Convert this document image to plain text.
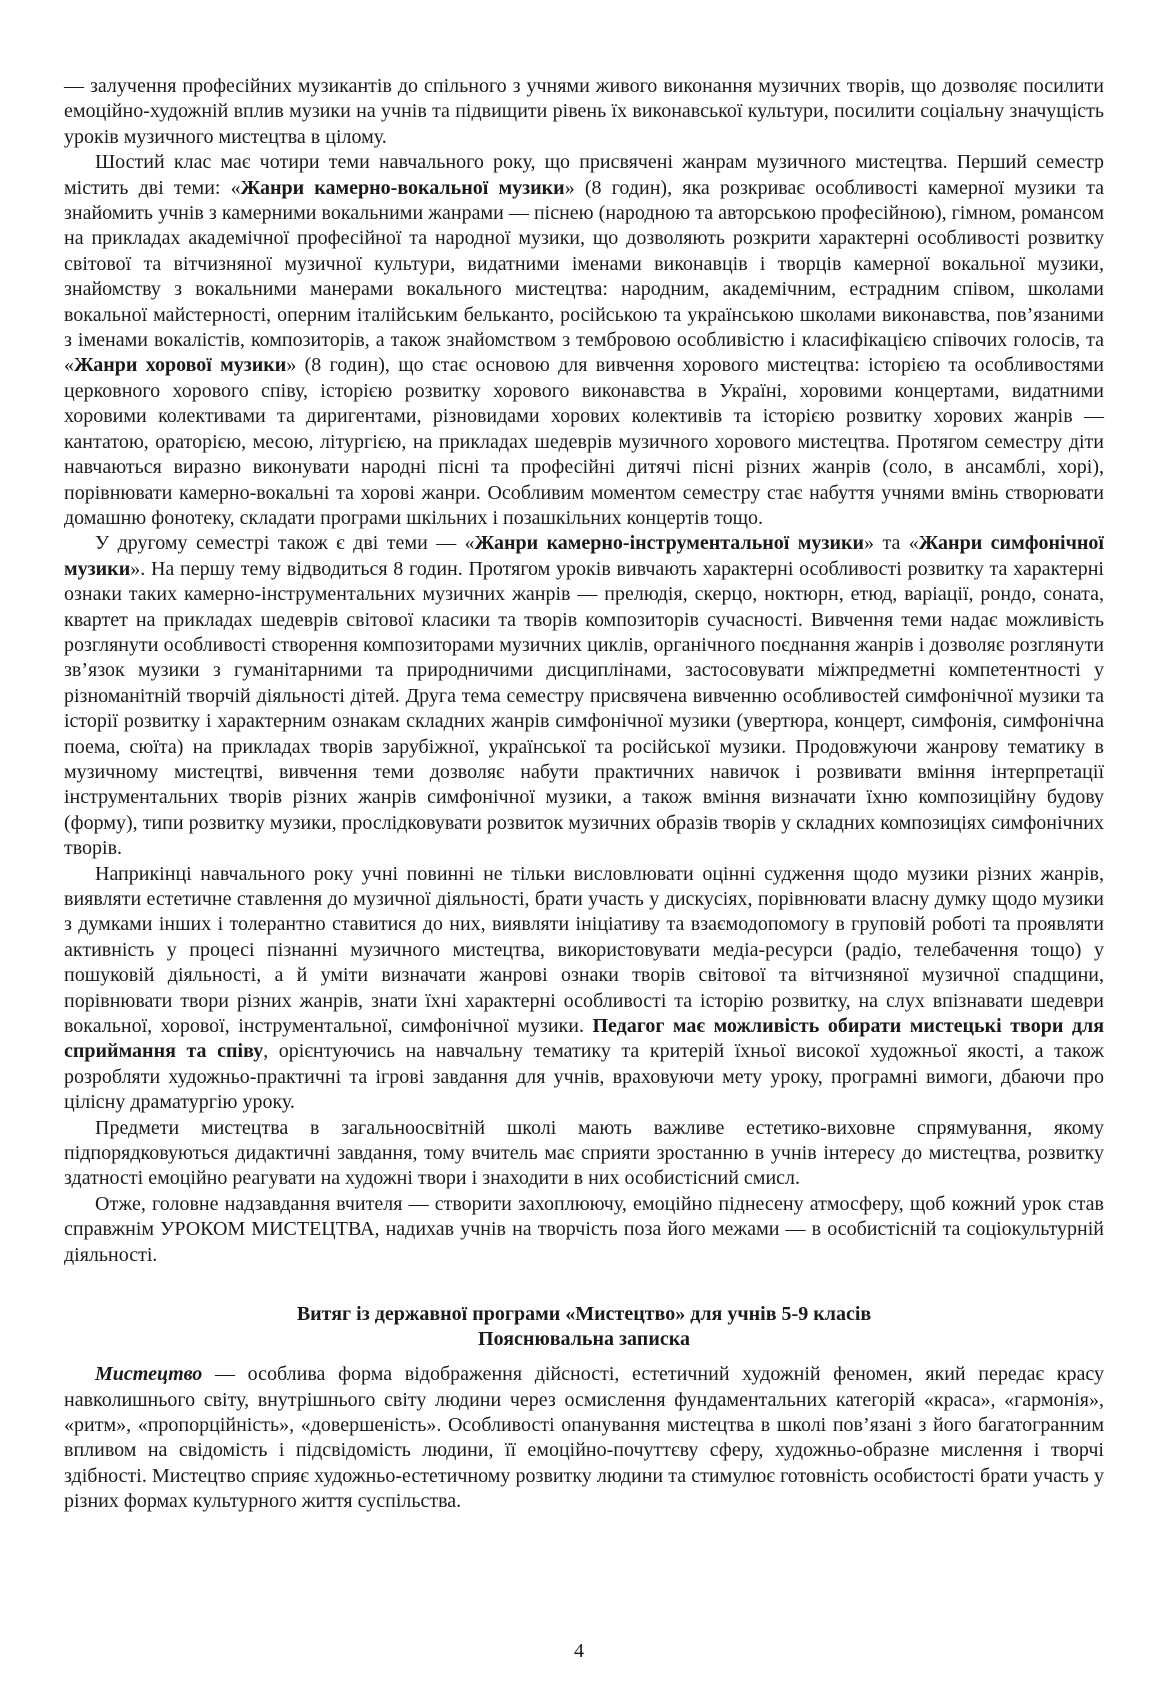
— залучення професійних музикантів до спільного з учнями живого виконання музичних творів, що дозволяє посилити емоційно-художній вплив музики на учнів та підвищити рівень їх виконавської культури, посилити соціальну значущість уроків музичного мистецтва в цілому.

Шостий клас має чотири теми навчального року, що присвячені жанрам музичного мистецтва. Перший семестр містить дві теми: «Жанри камерно-вокальної музики» (8 годин), яка розкриває особливості камерної музики та знайомить учнів з камерними вокальними жанрами — піснею (народною та авторською професійною), гімном, романсом на прикладах академічної професійної та народної музики, що дозволяють розкрити характерні особливості розвитку світової та вітчизняної музичної культури, видатними іменами виконавців і творців камерної вокальної музики, знайомству з вокальними манерами вокального мистецтва: народним, академічним, естрадним співом, школами вокальної майстерності, оперним італійським бельканто, російською та українською школами виконавства, пов’язаними з іменами вокалістів, композиторів, а також знайомством з тембровою особливістю і класифікацією співочих голосів, та «Жанри хорової музики» (8 годин), що стає основою для вивчення хорового мистецтва: історією та особливостями церковного хорового співу, історією розвитку хорового виконавства в Україні, хоровими концертами, видатними хоровими колективами та диригентами, різновидами хорових колективів та історією розвитку хорових жанрів — кантатою, ораторією, месою, літургією, на прикладах шедеврів музичного хорового мистецтва. Протягом семестру діти навчаються виразно виконувати народні пісні та професійні дитячі пісні різних жанрів (соло, в ансамблі, хорі), порівнювати камерно-вокальні та хорові жанри. Особливим моментом семестру стає набуття учнями вмінь створювати домашню фонотеку, складати програми шкільних і позашкільних концертів тощо.

У другому семестрі також є дві теми — «Жанри камерно-інструментальної музики» та «Жанри симфонічної музики». На першу тему відводиться 8 годин. Протягом уроків вивчають характерні особливості розвитку та характерні ознаки таких камерно-інструментальних музичних жанрів — прелюдія, скерцо, ноктюрн, етюд, варіації, рондо, соната, квартет на прикладах шедеврів світової класики та творів композиторів сучасності. Вивчення теми надає можливість розглянути особливості створення композиторами музичних циклів, органічного поєднання жанрів і дозволяє розглянути зв’язок музики з гуманітарними та природничими дисциплінами, застосовувати міжпредметні компетентності у різноманітній творчій діяльності дітей. Друга тема семестру присвячена вивченню особливостей симфонічної музики та історії розвитку і характерним ознакам складних жанрів симфонічної музики (увертюра, концерт, симфонія, симфонічна поема, сюїта) на прикладах творів зарубіжної, української та російської музики. Продовжуючи жанрову тематику в музичному мистецтві, вивчення теми дозволяє набути практичних навичок і розвивати вміння інтерпретації інструментальних творів різних жанрів симфонічної музики, а також вміння визначати їхню композиційну будову (форму), типи розвитку музики, прослідковувати розвиток музичних образів творів у складних композиціях симфонічних творів.

Наприкінці навчального року учні повинні не тільки висловлювати оцінні судження щодо музики різних жанрів, виявляти естетичне ставлення до музичної діяльності, брати участь у дискусіях, порівнювати власну думку щодо музики з думками інших і толерантно ставитися до них, виявляти ініціативу та взаємодопомогу в груповій роботі та проявляти активність у процесі пізнанні музичного мистецтва, використовувати медіа-ресурси (радіо, телебачення тощо) у пошуковій діяльності, а й уміти визначати жанрові ознаки творів світової та вітчизняної музичної спадщини, порівнювати твори різних жанрів, знати їхні характерні особливості та історію розвитку, на слух впізнавати шедеври вокальної, хорової, інструментальної, симфонічної музики. Педагог має можливість обирати мистецькі твори для сприймання та співу, орієнтуючись на навчальну тематику та критерій їхньої високої художньої якості, а також розробляти художньо-практичні та ігрові завдання для учнів, враховуючи мету уроку, програмні вимоги, дбаючи про цілісну драматургію уроку.

Предмети мистецтва в загальноосвітній школі мають важливе естетико-виховне спрямування, якому підпорядковуються дидактичні завдання, тому вчитель має сприяти зростанню в учнів інтересу до мистецтва, розвитку здатності емоційно реагувати на художні твори і знаходити в них особистісний смисл.

Отже, головне надзавдання вчителя — створити захоплюючу, емоційно піднесену атмосферу, щоб кожний урок став справжнім УРОКОМ МИСТЕЦТВА, надихав учнів на творчість поза його межами — в особистісній та соціокультурній діяльності.

Витяг із державної програми «Мистецтво» для учнів 5-9 класів
Пояснювальна записка

Мистецтво — особлива форма відображення дійсності, естетичний художній феномен, який передає красу навколишнього світу, внутрішнього світу людини через осмислення фундаментальних категорій «краса», «гармонія», «ритм», «пропорційність», «довершеність». Особливості опанування мистецтва в школі пов’язані з його багатогранним впливом на свідомість і підсвідомість людини, її емоційно-почуттєву сферу, художньо-образне мислення і творчі здібності. Мистецтво сприяє художньо-естетичному розвитку людини та стимулює готовність особистості брати участь у різних формах культурного життя суспільства.

4
